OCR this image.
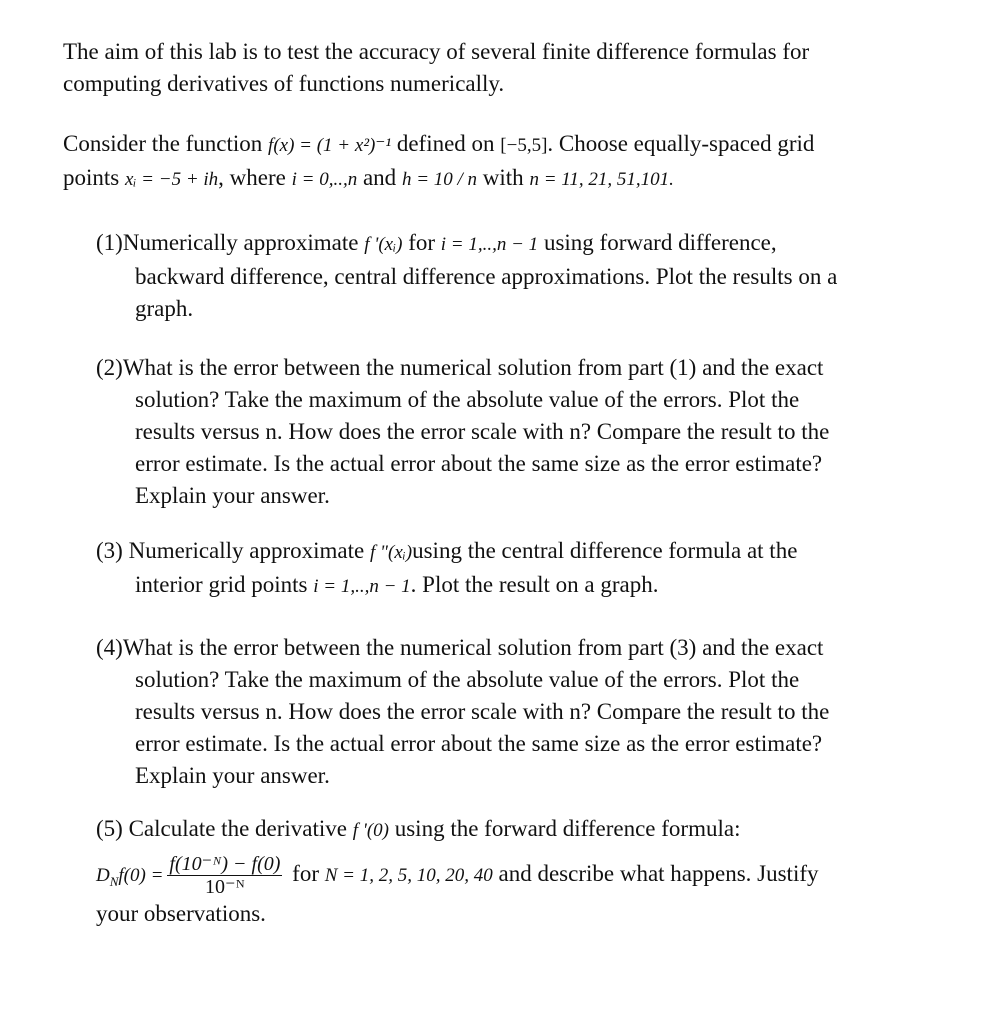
The aim of this lab is to test the accuracy of several finite difference formulas for
computing derivatives of functions numerically.
Consider the function f(x) = (1 + x²)⁻¹ defined on [−5,5]. Choose equally-spaced grid
points xᵢ = −5 + ih, where i = 0,..,n and h = 10 / n with n = 11, 21, 51,101.
(1)Numerically approximate f '(xᵢ) for i = 1,..,n − 1 using forward difference,
backward difference, central difference approximations. Plot the results on a
graph.
(2)What is the error between the numerical solution from part (1) and the exact
solution? Take the maximum of the absolute value of the errors. Plot the
results versus n. How does the error scale with n? Compare the result to the
error estimate. Is the actual error about the same size as the error estimate?
Explain your answer.
(3) Numerically approximate f "(xᵢ)using the central difference formula at the
interior grid points i = 1,..,n − 1. Plot the result on a graph.
(4)What is the error between the numerical solution from part (3) and the exact
solution? Take the maximum of the absolute value of the errors. Plot the
results versus n. How does the error scale with n? Compare the result to the
error estimate. Is the actual error about the same size as the error estimate?
Explain your answer.
(5) Calculate the derivative f '(0) using the forward difference formula:
$D_Nf(0) = \frac{\text{f(10⁻ᴺ) − f(0)}}{\text{10⁻ᴺ}}$ for N = 1, 2, 5, 10, 20, 40 and describe what happens. Justify
your observations.
